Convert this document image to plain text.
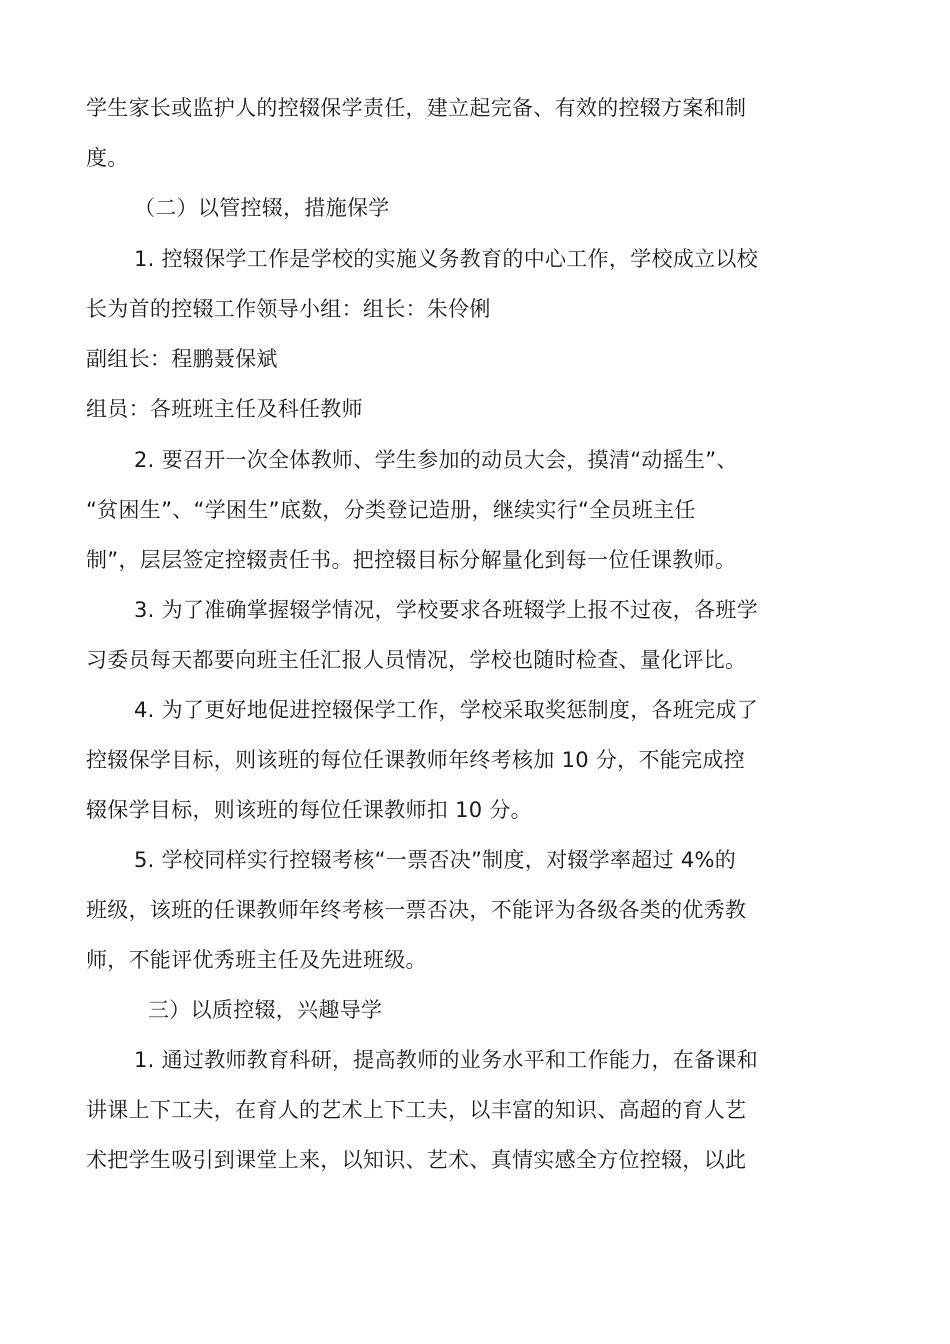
学生家长或监护人的控辍保学责任，建立起完备、有效的控辍方案和制
度。
（二）以管控辍，措施保学
1. 控辍保学工作是学校的实施义务教育的中心工作，学校成立以校
长为首的控辍工作领导小组：组长：朱伶俐
副组长：程鹏聂保斌
组员：各班班主任及科任教师
2. 要召开一次全体教师、学生参加的动员大会，摸清“动摇生”、
“贫困生”、“学困生”底数，分类登记造册，继续实行“全员班主任
制”，层层签定控辍责任书。把控辍目标分解量化到每一位任课教师。
3. 为了准确掌握辍学情况，学校要求各班辍学上报不过夜，各班学
习委员每天都要向班主任汇报人员情况，学校也随时检查、量化评比。
4. 为了更好地促进控辍保学工作，学校采取奖惩制度，各班完成了
控辍保学目标，则该班的每位任课教师年终考核加 10 分，不能完成控
辍保学目标，则该班的每位任课教师扣 10 分。
5. 学校同样实行控辍考核“一票否决”制度，对辍学率超过 4%的
班级，该班的任课教师年终考核一票否决，不能评为各级各类的优秀教
师，不能评优秀班主任及先进班级。
三）以质控辍，兴趣导学
1. 通过教师教育科研，提高教师的业务水平和工作能力，在备课和
讲课上下工夫，在育人的艺术上下工夫，以丰富的知识、高超的育人艺
术把学生吸引到课堂上来，以知识、艺术、真情实感全方位控辍，以此
